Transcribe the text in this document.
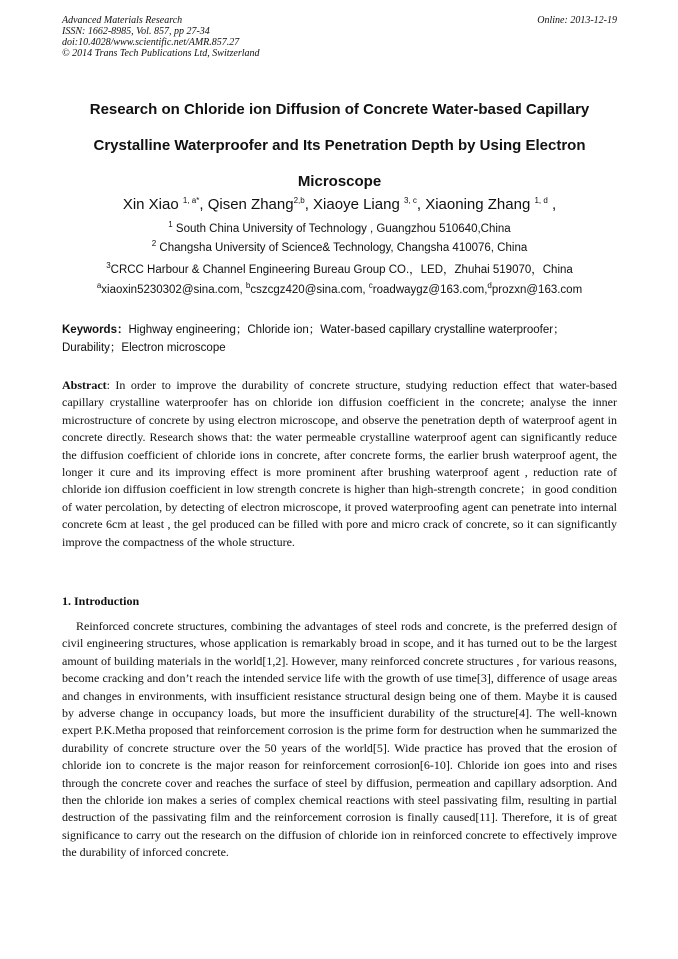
Advanced Materials Research
ISSN: 1662-8985, Vol. 857, pp 27-34
doi:10.4028/www.scientific.net/AMR.857.27
© 2014 Trans Tech Publications Ltd, Switzerland
Online: 2013-12-19
Research on Chloride ion Diffusion of Concrete Water-based Capillary Crystalline Waterproofer and Its Penetration Depth by Using Electron Microscope
Xin Xiao $^{1, a*}$, Qisen Zhang$^{2,b}$, Xiaoye Liang $^{3, c}$, Xiaoning Zhang $^{1, d}$ ,
$^1$ South China University of Technology , Guangzhou 510640,China
$^2$ Changsha University of Science& Technology, Changsha 410076, China
$^3$CRCC Harbour & Channel Engineering Bureau Group CO.，LED，Zhuhai 519070，China
$^a$xiaoxin5230302@sina.com, $^b$cszcgz420@sina.com, $^c$roadwaygz@163.com,$^d$prozxn@163.com
Keywords：Highway engineering；Chloride ion；Water-based capillary crystalline waterproofer；Durability；Electron microscope
Abstract: In order to improve the durability of concrete structure, studying reduction effect that water-based capillary crystalline waterproofer has on chloride ion diffusion coefficient in the concrete; analyse the inner microstructure of concrete by using electron microscope, and observe the penetration depth of waterproof agent in concrete directly. Research shows that: the water permeable crystalline waterproof agent can significantly reduce the diffusion coefficient of chloride ions in concrete, after concrete forms, the earlier brush waterproof agent, the longer it cure and its improving effect is more prominent after brushing waterproof agent , reduction rate of chloride ion diffusion coefficient in low strength concrete is higher than high-strength concrete；in good condition of water percolation, by detecting of electron microscope, it proved waterproofing agent can penetrate into internal concrete 6cm at least , the gel produced can be filled with pore and micro crack of concrete, so it can significantly improve the compactness of the whole structure.
1. Introduction
Reinforced concrete structures, combining the advantages of steel rods and concrete, is the preferred design of civil engineering structures, whose application is remarkably broad in scope, and it has turned out to be the largest amount of building materials in the world[1,2]. However, many reinforced concrete structures , for various reasons, become cracking and don’t reach the intended service life with the growth of use time[3], difference of usage areas and changes in environments, with insufficient resistance structural design being one of them. Maybe it is caused by adverse change in occupancy loads, but more the insufficient durability of the structure[4]. The well-known expert P.K.Metha proposed that reinforcement corrosion is the prime form for destruction when he summarized the durability of concrete structure over the 50 years of the world[5]. Wide practice has proved that the erosion of chloride ion to concrete is the major reason for reinforcement corrosion[6-10]. Chloride ion goes into and rises through the concrete cover and reaches the surface of steel by diffusion, permeation and capillary adsorption. And then the chloride ion makes a series of complex chemical reactions with steel passivating film, resulting in partial destruction of the passivating film and the reinforcement corrosion is finally caused[11]. Therefore, it is of great significance to carry out the research on the diffusion of chloride ion in reinforced concrete to effectively improve the durability of inforced concrete.
